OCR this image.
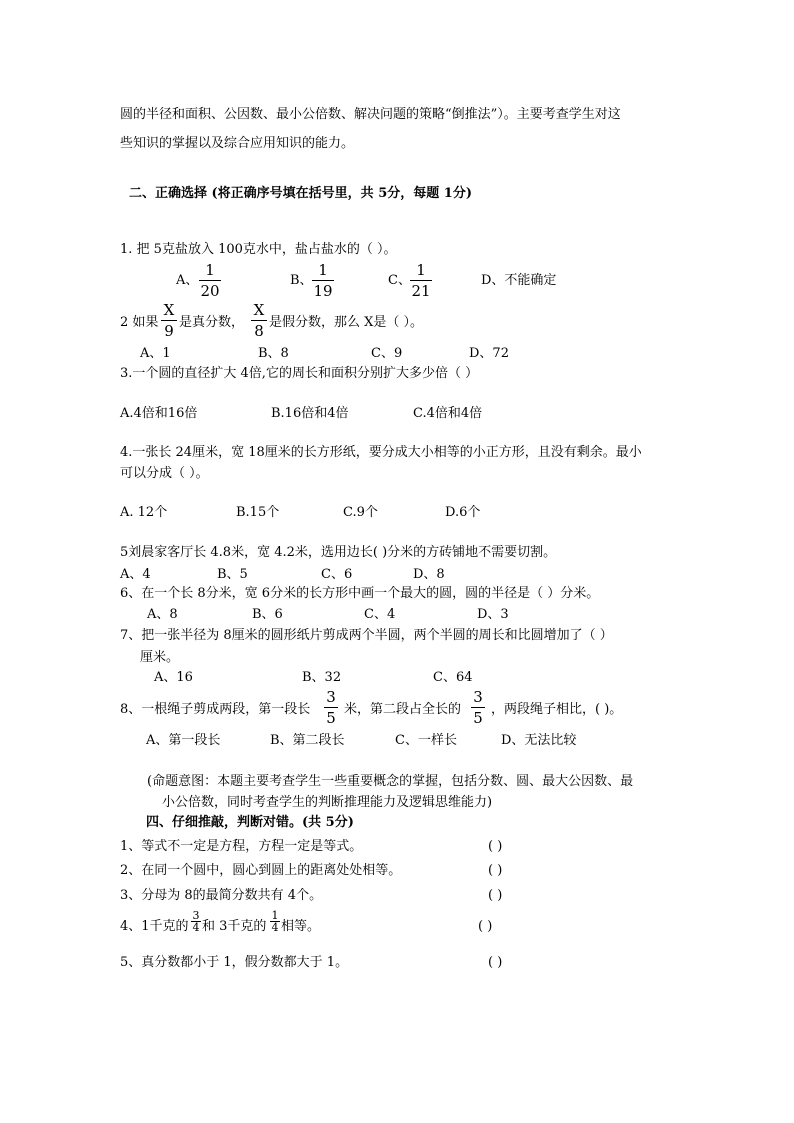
圆的半径和面积、公因数、最小公倍数、解决问题的策略“倒推法”）。主要考查学生对这
些知识的掌握以及综合应用知识的能力。
二、正确选择 (将正确序号填在括号里，共 5分，每题 1分)
1. 把 5克盐放入 100克水中，盐占盐水的（ ）。
A、
1
20
B、
1
19
C、
1
21
D、不能确定
2 如果
X
9 是真分数，
X
8 是假分数，那么 X是（ ）。
A、1	B、8	C、9	D、72
3.一个圆的直径扩大 4倍,它的周长和面积分别扩大多少倍（ ）
A.4倍和16倍	B.16倍和4倍	C.4倍和4倍
4.一张长 24厘米，宽 18厘米的长方形纸，要分成大小相等的小正方形，且没有剩余。最小
可以分成（ ）。
A. 12个	B.15个	C.9个	D.6个
5刘晨家客厅长 4.8米，宽 4.2米，选用边长( )分米的方砖铺地不需要切割。
A、4	B、5	C、6	D、8
6、在一个长 8分米，宽 6分米的长方形中画一个最大的圆，圆的半径是（ ）分米。
A、8	B、6	C、4	D、3
7、把一张半径为 8厘米的圆形纸片剪成两个半圆，两个半圆的周长和比圆增加了（ ）
厘米。
A、16	B、32	C、64
8、一根绳子剪成两段，第一段长
3
5 米，第二段占全长的
3
5 ，两段绳子相比，( )。
A、第一段长	B、第二段长	C、一样长	D、无法比较
(命题意图：本题主要考查学生一些重要概念的掌握，包括分数、圆、最大公因数、最
小公倍数，同时考查学生的判断推理能力及逻辑思维能力)
四、仔细推敲，判断对错。(共 5分)
1、等式不一定是方程，方程一定是等式。	( )
2、在同一个圆中，圆心到圆上的距离处处相等。	( )
3、分母为 8的最简分数共有 4个。	( )
4、1千克的
3
4 和 3千克的
1
4 相等。	( )
5、真分数都小于 1，假分数都大于 1。	( )
